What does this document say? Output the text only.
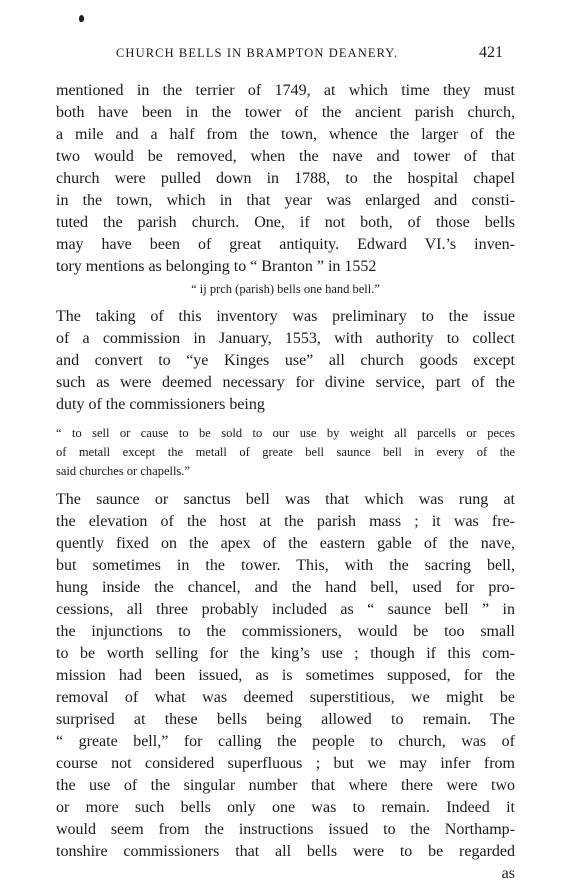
CHURCH BELLS IN BRAMPTON DEANERY.	421
mentioned in the terrier of 1749, at which time they must
both have been in the tower of the ancient parish church,
a mile and a half from the town, whence the larger of the
two would be removed, when the nave and tower of that
church were pulled down in 1788, to the hospital chapel
in the town, which in that year was enlarged and consti-
tuted the parish church. One, if not both, of those bells
may have been of great antiquity. Edward VI.’s inven-
tory mentions as belonging to “ Branton ” in 1552
“ ij prch (parish) bells one hand bell.”
The taking of this inventory was preliminary to the issue
of a commission in January, 1553, with authority to collect
and convert to “ye Kinges use” all church goods except
such as were deemed necessary for divine service, part of the
duty of the commissioners being
“ to sell or cause to be sold to our use by weight all parcells or peces
of metall except the metall of greate bell saunce bell in every of the
said churches or chapells.”
The saunce or sanctus bell was that which was rung at
the elevation of the host at the parish mass ; it was fre-
quently fixed on the apex of the eastern gable of the nave,
but sometimes in the tower. This, with the sacring bell,
hung inside the chancel, and the hand bell, used for pro-
cessions, all three probably included as “ saunce bell ” in
the injunctions to the commissioners, would be too small
to be worth selling for the king’s use ; though if this com-
mission had been issued, as is sometimes supposed, for the
removal of what was deemed superstitious, we might be
surprised at these bells being allowed to remain. The
“ greate bell,” for calling the people to church, was of
course not considered superfluous ; but we may infer from
the use of the singular number that where there were two
or more such bells only one was to remain. Indeed it
would seem from the instructions issued to the Northamp-
tonshire commissioners that all bells were to be regarded
as
